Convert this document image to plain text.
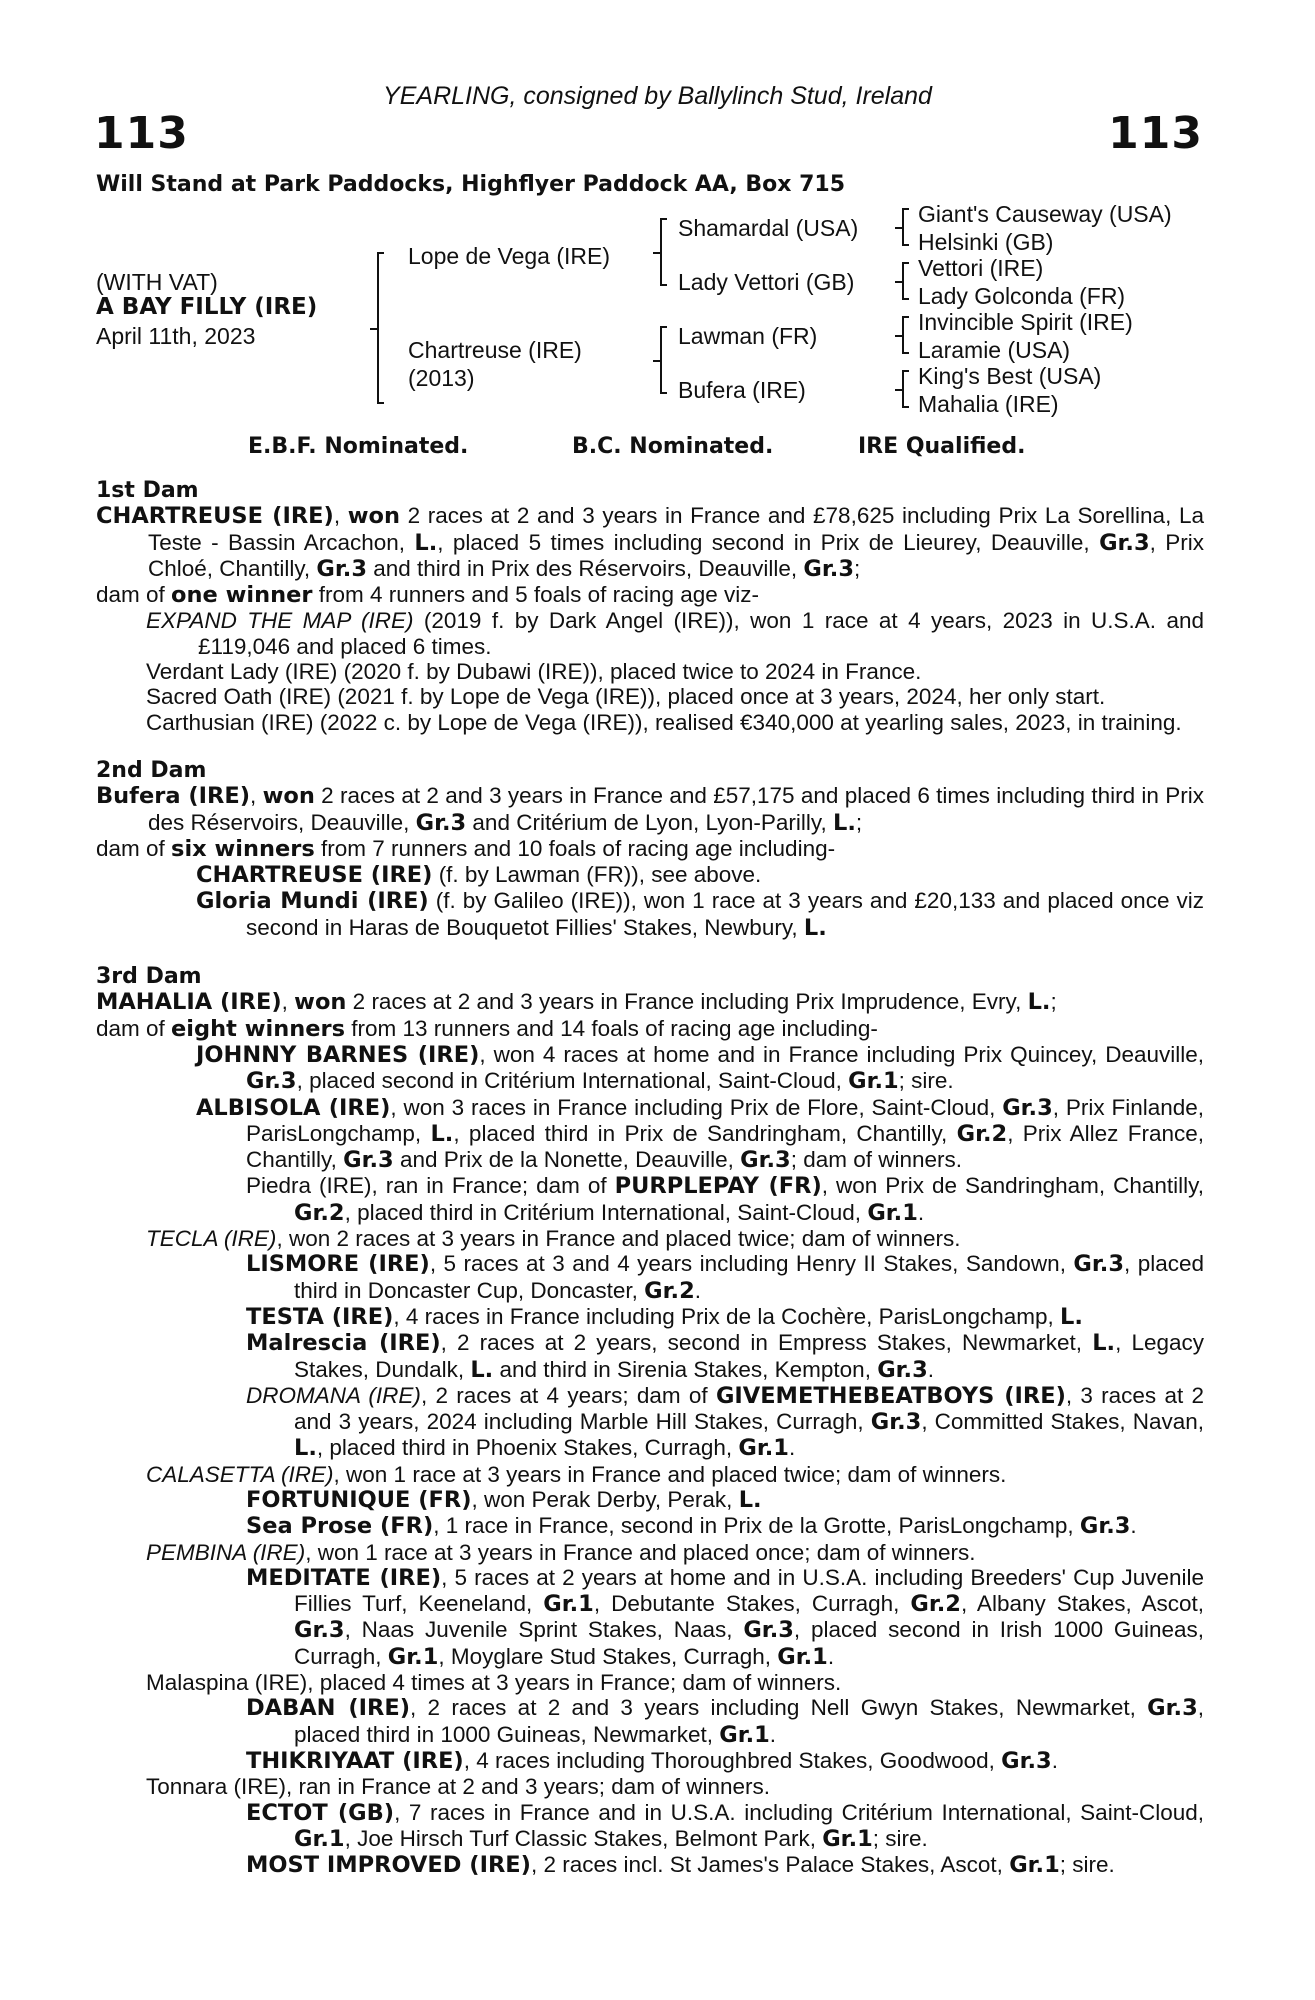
YEARLING, consigned by Ballylinch Stud, Ireland
113	113
Will Stand at Park Paddocks, Highflyer Paddock AA, Box 715
(WITH VAT)
A BAY FILLY (IRE)
April 11th, 2023
Lope de Vega (IRE)
Chartreuse (IRE)
(2013)
Shamardal (USA)
Lady Vettori (GB)
Lawman (FR)
Bufera (IRE)
Giant's Causeway (USA)
Helsinki (GB)
Vettori (IRE)
Lady Golconda (FR)
Invincible Spirit (IRE)
Laramie (USA)
King's Best (USA)
Mahalia (IRE)
E.B.F. Nominated.	B.C. Nominated.	IRE Qualified.

1st Dam

CHARTREUSE (IRE), won 2 races at 2 and 3 years in France and £78,625 including Prix La Sorellina, La Teste - Bassin Arcachon, L., placed 5 times including second in Prix de Lieurey, Deauville, Gr.3, Prix Chloé, Chantilly, Gr.3 and third in Prix des Réservoirs, Deauville, Gr.3;

dam of one winner from 4 runners and 5 foals of racing age viz-

EXPAND THE MAP (IRE) (2019 f. by Dark Angel (IRE)), won 1 race at 4 years, 2023 in U.S.A. and £119,046 and placed 6 times.

Verdant Lady (IRE) (2020 f. by Dubawi (IRE)), placed twice to 2024 in France.

Sacred Oath (IRE) (2021 f. by Lope de Vega (IRE)), placed once at 3 years, 2024, her only start.

Carthusian (IRE) (2022 c. by Lope de Vega (IRE)), realised €340,000 at yearling sales, 2023, in training.

2nd Dam

Bufera (IRE), won 2 races at 2 and 3 years in France and £57,175 and placed 6 times including third in Prix des Réservoirs, Deauville, Gr.3 and Critérium de Lyon, Lyon-Parilly, L.;

dam of six winners from 7 runners and 10 foals of racing age including-

CHARTREUSE (IRE) (f. by Lawman (FR)), see above.

Gloria Mundi (IRE) (f. by Galileo (IRE)), won 1 race at 3 years and £20,133 and placed once viz second in Haras de Bouquetot Fillies' Stakes, Newbury, L.

3rd Dam

MAHALIA (IRE), won 2 races at 2 and 3 years in France including Prix Imprudence, Evry, L.;

dam of eight winners from 13 runners and 14 foals of racing age including-

JOHNNY BARNES (IRE), won 4 races at home and in France including Prix Quincey, Deauville, Gr.3, placed second in Critérium International, Saint-Cloud, Gr.1; sire.

ALBISOLA (IRE), won 3 races in France including Prix de Flore, Saint-Cloud, Gr.3, Prix Finlande, ParisLongchamp, L., placed third in Prix de Sandringham, Chantilly, Gr.2, Prix Allez France, Chantilly, Gr.3 and Prix de la Nonette, Deauville, Gr.3; dam of winners.

Piedra (IRE), ran in France; dam of PURPLEPAY (FR), won Prix de Sandringham, Chantilly, Gr.2, placed third in Critérium International, Saint-Cloud, Gr.1.

TECLA (IRE), won 2 races at 3 years in France and placed twice; dam of winners.

LISMORE (IRE), 5 races at 3 and 4 years including Henry II Stakes, Sandown, Gr.3, placed third in Doncaster Cup, Doncaster, Gr.2.

TESTA (IRE), 4 races in France including Prix de la Cochère, ParisLongchamp, L.

Malrescia (IRE), 2 races at 2 years, second in Empress Stakes, Newmarket, L., Legacy Stakes, Dundalk, L. and third in Sirenia Stakes, Kempton, Gr.3.

DROMANA (IRE), 2 races at 4 years; dam of GIVEMETHEBEATBOYS (IRE), 3 races at 2 and 3 years, 2024 including Marble Hill Stakes, Curragh, Gr.3, Committed Stakes, Navan, L., placed third in Phoenix Stakes, Curragh, Gr.1.

CALASETTA (IRE), won 1 race at 3 years in France and placed twice; dam of winners.

FORTUNIQUE (FR), won Perak Derby, Perak, L.

Sea Prose (FR), 1 race in France, second in Prix de la Grotte, ParisLongchamp, Gr.3.

PEMBINA (IRE), won 1 race at 3 years in France and placed once; dam of winners.

MEDITATE (IRE), 5 races at 2 years at home and in U.S.A. including Breeders' Cup Juvenile Fillies Turf, Keeneland, Gr.1, Debutante Stakes, Curragh, Gr.2, Albany Stakes, Ascot, Gr.3, Naas Juvenile Sprint Stakes, Naas, Gr.3, placed second in Irish 1000 Guineas, Curragh, Gr.1, Moyglare Stud Stakes, Curragh, Gr.1.

Malaspina (IRE), placed 4 times at 3 years in France; dam of winners.

DABAN (IRE), 2 races at 2 and 3 years including Nell Gwyn Stakes, Newmarket, Gr.3, placed third in 1000 Guineas, Newmarket, Gr.1.

THIKRIYAAT (IRE), 4 races including Thoroughbred Stakes, Goodwood, Gr.3.

Tonnara (IRE), ran in France at 2 and 3 years; dam of winners.

ECTOT (GB), 7 races in France and in U.S.A. including Critérium International, Saint-Cloud, Gr.1, Joe Hirsch Turf Classic Stakes, Belmont Park, Gr.1; sire.

MOST IMPROVED (IRE), 2 races incl. St James's Palace Stakes, Ascot, Gr.1; sire.
